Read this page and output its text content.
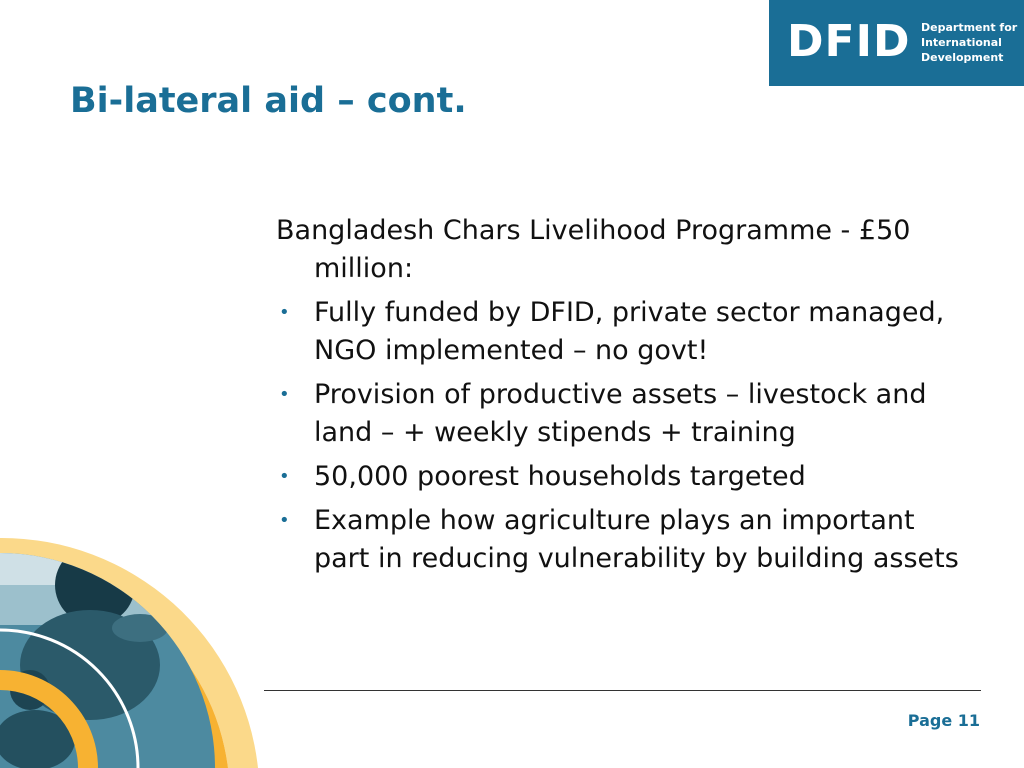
DFID Department for
International
Development
Bi-lateral aid – cont.

Bangladesh Chars Livelihood Programme - £50 million:

• Fully funded by DFID, private sector managed, NGO implemented – no govt!
• Provision of productive assets – livestock and land – + weekly stipends + training
• 50,000 poorest households targeted
• Example how agriculture plays an important part in reducing vulnerability by building assets
Page 11
